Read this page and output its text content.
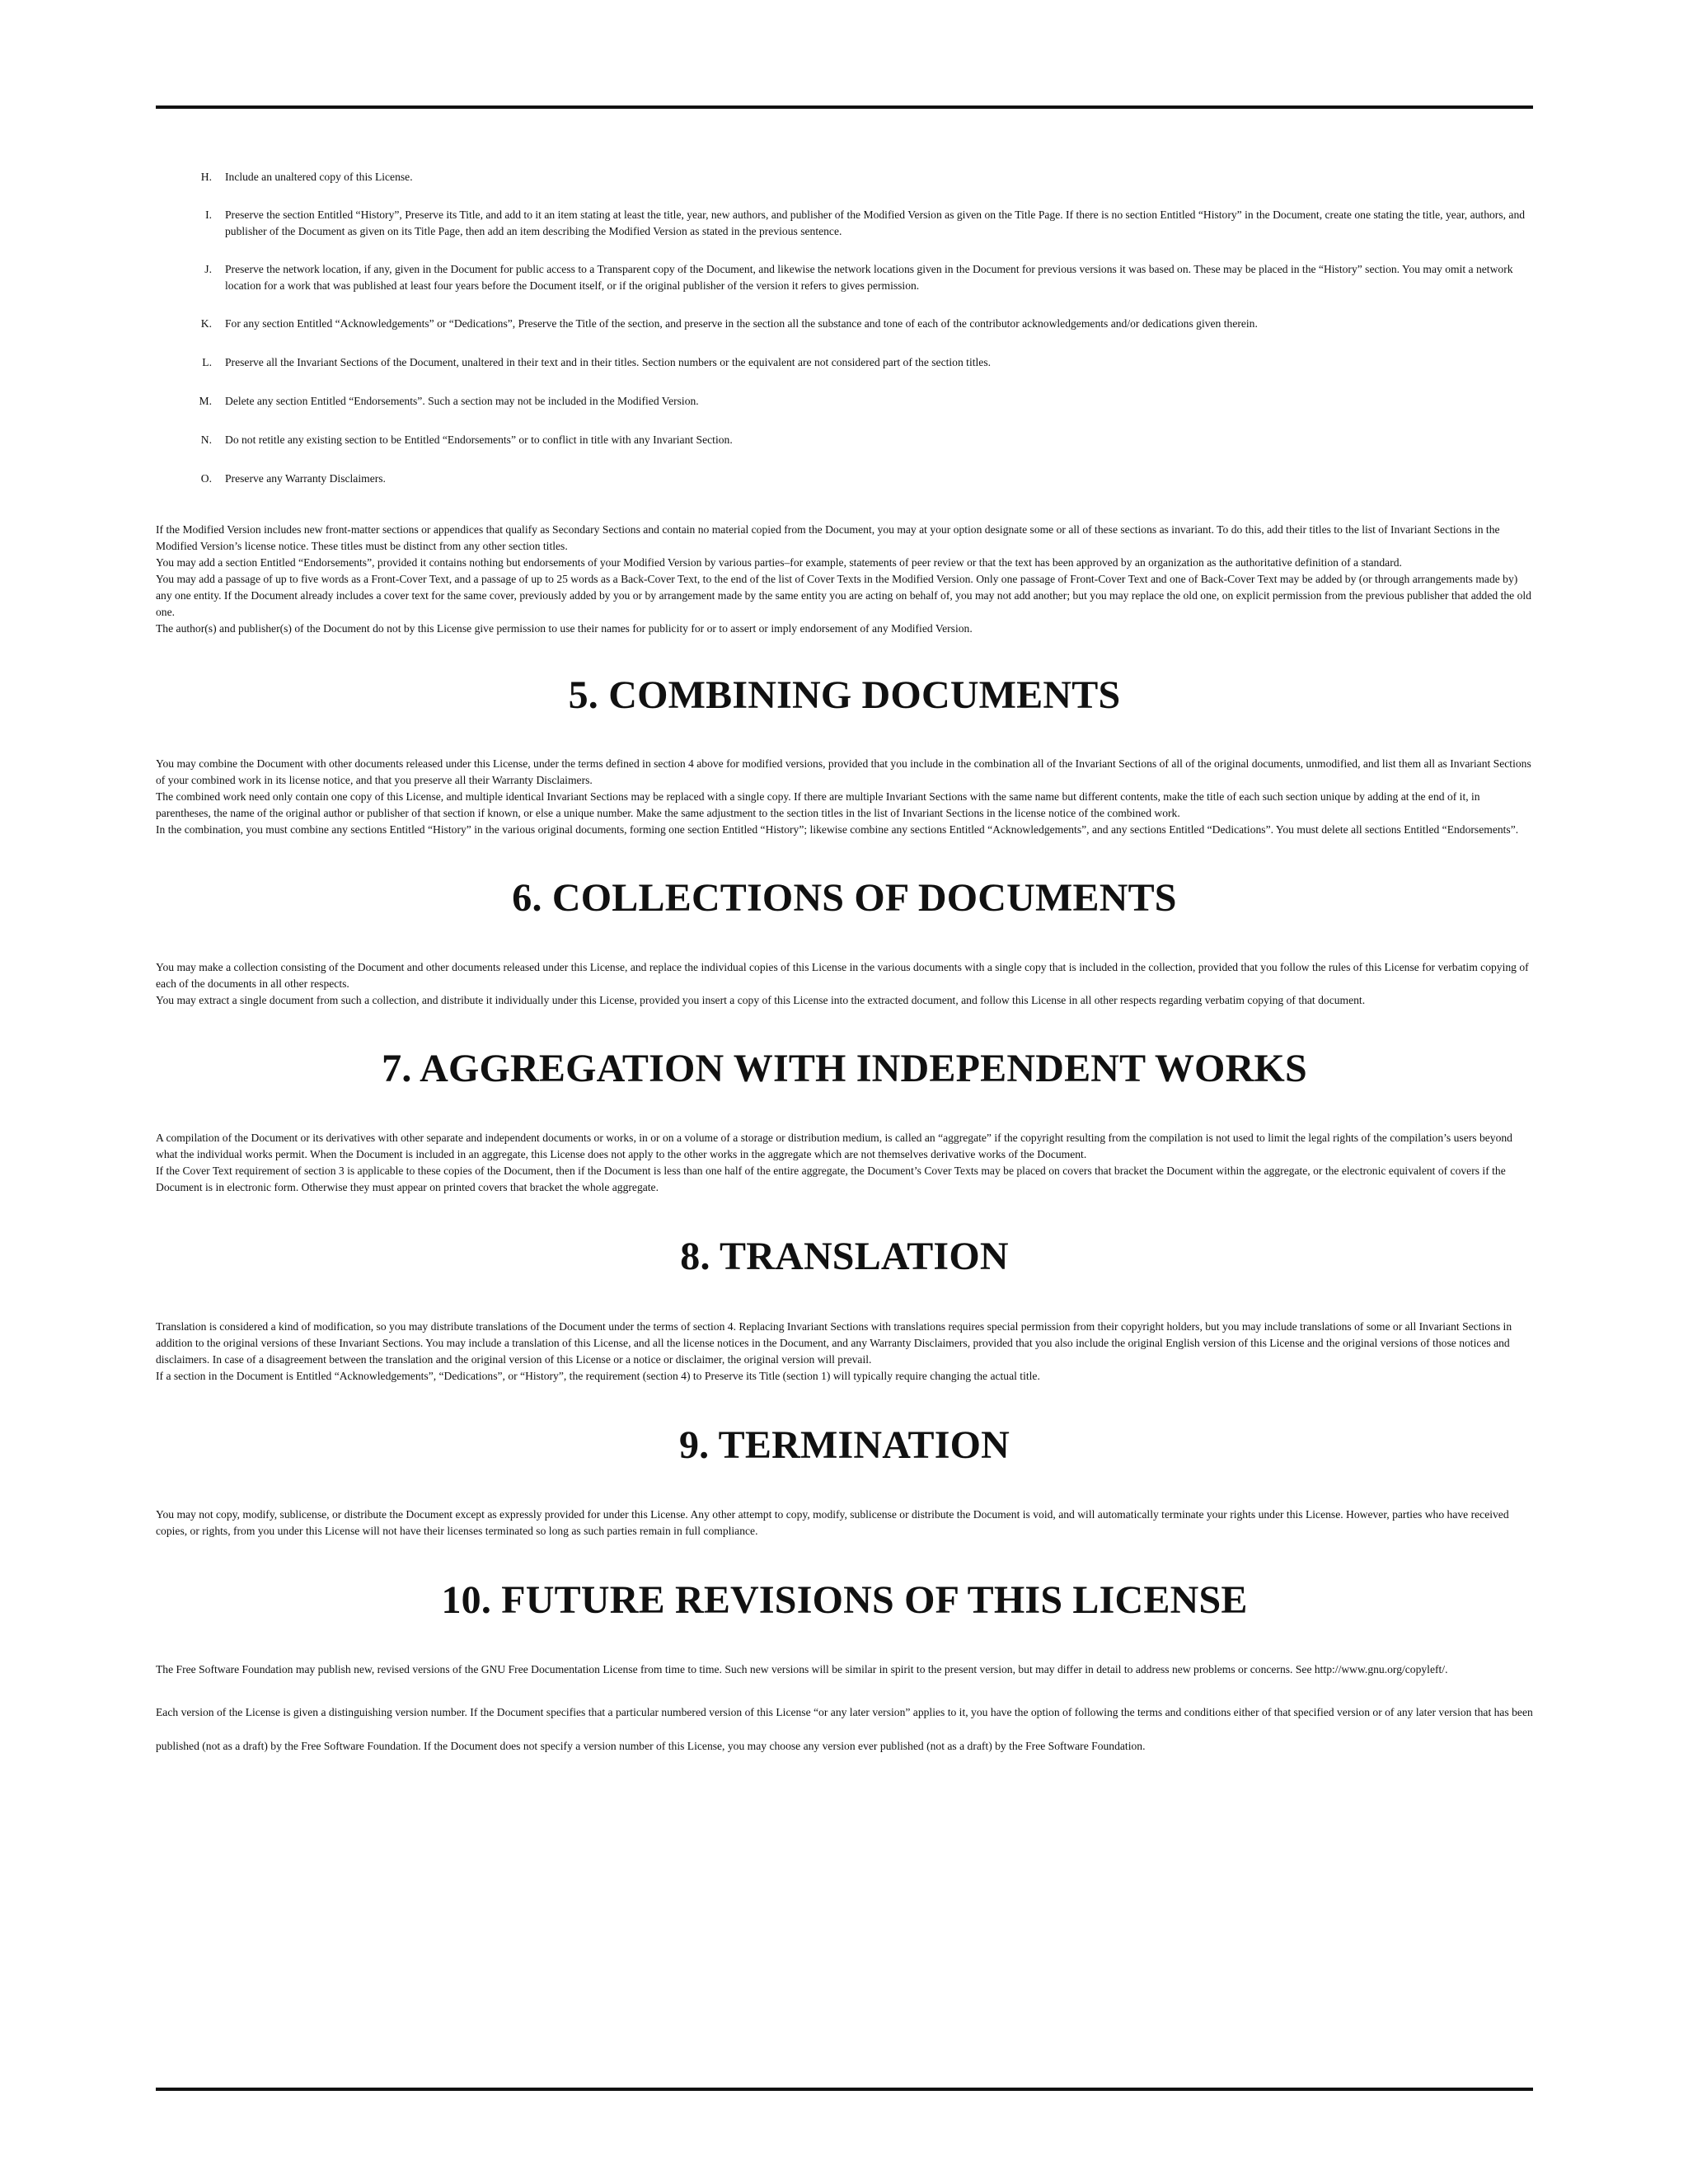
H. Include an unaltered copy of this License.
I. Preserve the section Entitled “History”, Preserve its Title, and add to it an item stating at least the title, year, new authors, and publisher of the Modified Version as given on the Title Page. If there is no section Entitled “History” in the Document, create one stating the title, year, authors, and publisher of the Document as given on its Title Page, then add an item describing the Modified Version as stated in the previous sentence.
J. Preserve the network location, if any, given in the Document for public access to a Transparent copy of the Document, and likewise the network locations given in the Document for previous versions it was based on. These may be placed in the “History” section. You may omit a network location for a work that was published at least four years before the Document itself, or if the original publisher of the version it refers to gives permission.
K. For any section Entitled “Acknowledgements” or “Dedications”, Preserve the Title of the section, and preserve in the section all the substance and tone of each of the contributor acknowledgements and/or dedications given therein.
L. Preserve all the Invariant Sections of the Document, unaltered in their text and in their titles. Section numbers or the equivalent are not considered part of the section titles.
M. Delete any section Entitled “Endorsements”. Such a section may not be included in the Modified Version.
N. Do not retitle any existing section to be Entitled “Endorsements” or to conflict in title with any Invariant Section.
O. Preserve any Warranty Disclaimers.

If the Modified Version includes new front-matter sections or appendices that qualify as Secondary Sections and contain no material copied from the Document, you may at your option designate some or all of these sections as invariant. To do this, add their titles to the list of Invariant Sections in the Modified Version’s license notice. These titles must be distinct from any other section titles.

You may add a section Entitled “Endorsements”, provided it contains nothing but endorsements of your Modified Version by various parties–for example, statements of peer review or that the text has been approved by an organization as the authoritative definition of a standard.

You may add a passage of up to five words as a Front-Cover Text, and a passage of up to 25 words as a Back-Cover Text, to the end of the list of Cover Texts in the Modified Version. Only one passage of Front-Cover Text and one of Back-Cover Text may be added by (or through arrangements made by) any one entity. If the Document already includes a cover text for the same cover, previously added by you or by arrangement made by the same entity you are acting on behalf of, you may not add another; but you may replace the old one, on explicit permission from the previous publisher that added the old one.

The author(s) and publisher(s) of the Document do not by this License give permission to use their names for publicity for or to assert or imply endorsement of any Modified Version.

5. COMBINING DOCUMENTS

You may combine the Document with other documents released under this License, under the terms defined in section 4 above for modified versions, provided that you include in the combination all of the Invariant Sections of all of the original documents, unmodified, and list them all as Invariant Sections of your combined work in its license notice, and that you preserve all their Warranty Disclaimers.

The combined work need only contain one copy of this License, and multiple identical Invariant Sections may be replaced with a single copy. If there are multiple Invariant Sections with the same name but different contents, make the title of each such section unique by adding at the end of it, in parentheses, the name of the original author or publisher of that section if known, or else a unique number. Make the same adjustment to the section titles in the list of Invariant Sections in the license notice of the combined work.

In the combination, you must combine any sections Entitled “History” in the various original documents, forming one section Entitled “History”; likewise combine any sections Entitled “Acknowledgements”, and any sections Entitled “Dedications”. You must delete all sections Entitled “Endorsements”.

6. COLLECTIONS OF DOCUMENTS

You may make a collection consisting of the Document and other documents released under this License, and replace the individual copies of this License in the various documents with a single copy that is included in the collection, provided that you follow the rules of this License for verbatim copying of each of the documents in all other respects.

You may extract a single document from such a collection, and distribute it individually under this License, provided you insert a copy of this License into the extracted document, and follow this License in all other respects regarding verbatim copying of that document.

7. AGGREGATION WITH INDEPENDENT WORKS

A compilation of the Document or its derivatives with other separate and independent documents or works, in or on a volume of a storage or distribution medium, is called an “aggregate” if the copyright resulting from the compilation is not used to limit the legal rights of the compilation’s users beyond what the individual works permit. When the Document is included in an aggregate, this License does not apply to the other works in the aggregate which are not themselves derivative works of the Document.

If the Cover Text requirement of section 3 is applicable to these copies of the Document, then if the Document is less than one half of the entire aggregate, the Document’s Cover Texts may be placed on covers that bracket the Document within the aggregate, or the electronic equivalent of covers if the Document is in electronic form. Otherwise they must appear on printed covers that bracket the whole aggregate.

8. TRANSLATION

Translation is considered a kind of modification, so you may distribute translations of the Document under the terms of section 4. Replacing Invariant Sections with translations requires special permission from their copyright holders, but you may include translations of some or all Invariant Sections in addition to the original versions of these Invariant Sections. You may include a translation of this License, and all the license notices in the Document, and any Warranty Disclaimers, provided that you also include the original English version of this License and the original versions of those notices and disclaimers. In case of a disagreement between the translation and the original version of this License or a notice or disclaimer, the original version will prevail.

If a section in the Document is Entitled “Acknowledgements”, “Dedications”, or “History”, the requirement (section 4) to Preserve its Title (section 1) will typically require changing the actual title.

9. TERMINATION

You may not copy, modify, sublicense, or distribute the Document except as expressly provided for under this License. Any other attempt to copy, modify, sublicense or distribute the Document is void, and will automatically terminate your rights under this License. However, parties who have received copies, or rights, from you under this License will not have their licenses terminated so long as such parties remain in full compliance.

10. FUTURE REVISIONS OF THIS LICENSE

The Free Software Foundation may publish new, revised versions of the GNU Free Documentation License from time to time. Such new versions will be similar in spirit to the present version, but may differ in detail to address new problems or concerns. See http://www.gnu.org/copyleft/.

Each version of the License is given a distinguishing version number. If the Document specifies that a particular numbered version of this License “or any later version” applies to it, you have the option of following the terms and conditions either of that specified version or of any later version that has been published (not as a draft) by the Free Software Foundation. If the Document does not specify a version number of this License, you may choose any version ever published (not as a draft) by the Free Software Foundation.
